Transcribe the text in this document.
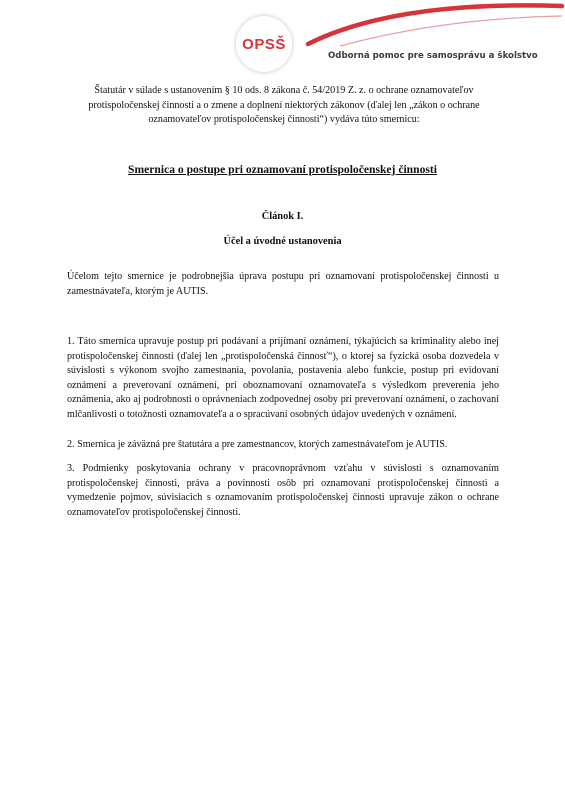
OPSŠ
Odborná pomoc pre samosprávu a školstvo
Štatutár v súlade s ustanovením § 10 ods. 8 zákona č. 54/2019 Z. z. o ochrane oznamovateľov protispoločenskej činnosti a o zmene a doplnení niektorých zákonov (ďalej len „zákon o ochrane oznamovateľov protispoločenskej činnosti“) vydáva túto smernicu:
Smernica o postupe pri oznamovaní protispoločenskej činnosti
Článok I.
Účel a úvodné ustanovenia
Účelom tejto smernice je podrobnejšia úprava postupu pri oznamovaní protispoločenskej činnosti u zamestnávateľa, ktorým je AUTIS.
1. Táto smernica upravuje postup pri podávaní a prijímaní oznámení, týkajúcich sa kriminality alebo inej protispoločenskej činnosti (ďalej len „protispoločenská činnosť“), o ktorej sa fyzická osoba dozvedela v súvislosti s výkonom svojho zamestnania, povolania, postavenia alebo funkcie, postup pri evidovaní oznámení a preverovaní oznámení, pri oboznamovaní oznamovateľa s výsledkom preverenia jeho oznámenia, ako aj podrobnosti o oprávneniach zodpovednej osoby pri preverovaní oznámení, o zachovaní mlčanlivosti o totožnosti oznamovateľa a o spracúvaní osobných údajov uvedených v oznámení.
2. Smernica je záväzná pre štatutára a pre zamestnancov, ktorých zamestnávateľom je AUTIS.
3. Podmienky poskytovania ochrany v pracovnoprávnom vzťahu v súvislosti s oznamovaním protispoločenskej činnosti, práva a povinnosti osôb pri oznamovaní protispoločenskej činnosti a vymedzenie pojmov, súvisiacich s oznamovaním protispoločenskej činnosti upravuje zákon o ochrane oznamovateľov protispoločenskej činnosti.
